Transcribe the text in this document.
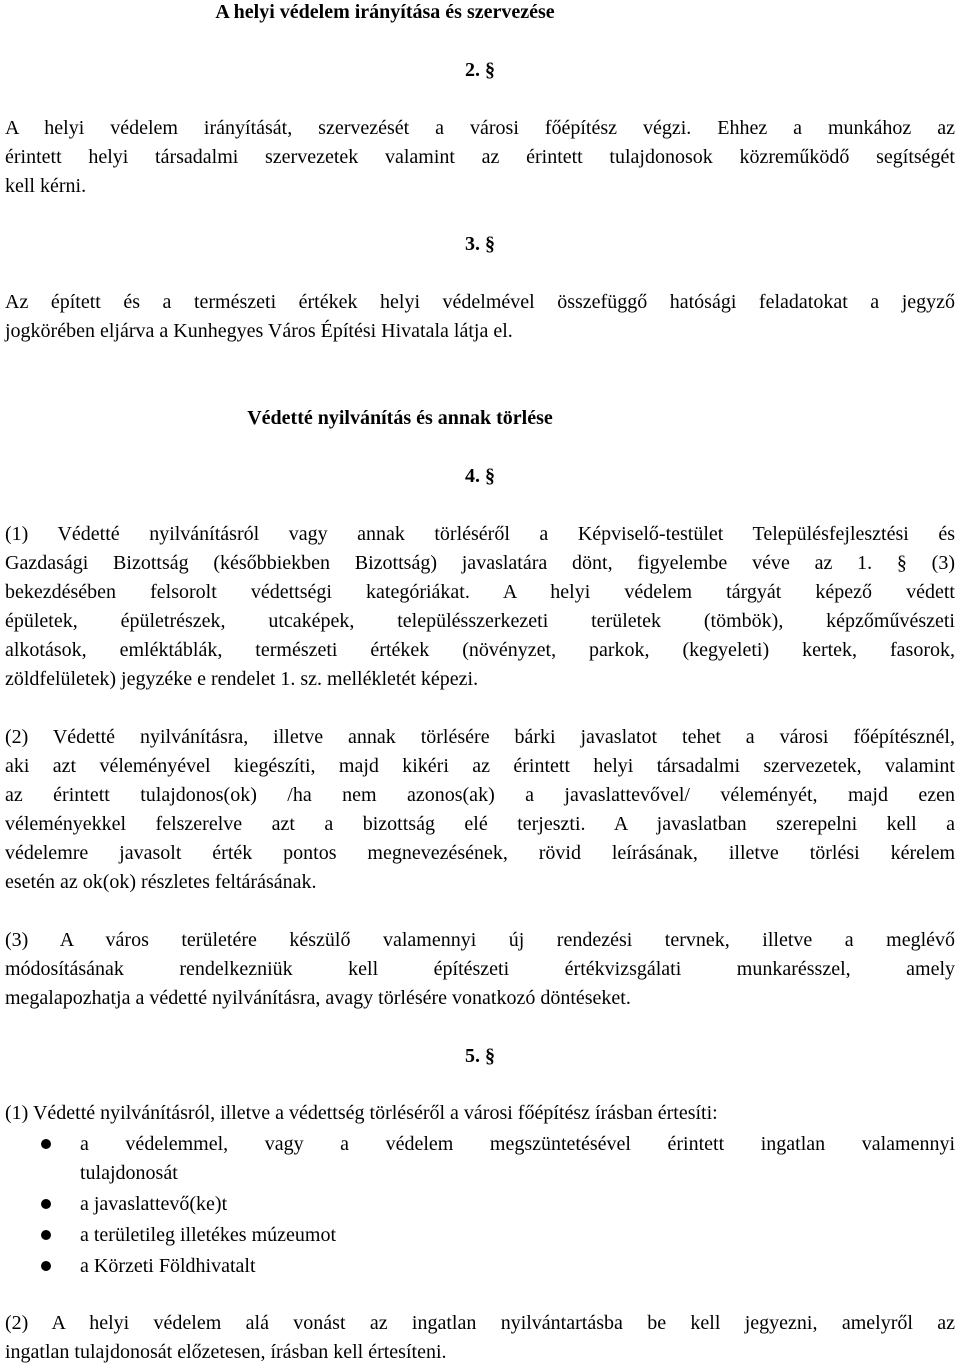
A helyi védelem irányítása és szervezése
2. §
A helyi védelem irányítását, szervezését a városi főépítész végzi. Ehhez a munkához az
érintett helyi társadalmi szervezetek valamint az érintett tulajdonosok közreműködő segítségét
kell kérni.
3. §
Az épített és a természeti értékek helyi védelmével összefüggő hatósági feladatokat a jegyző
jogkörében eljárva a Kunhegyes Város Építési Hivatala látja el.
Védetté nyilvánítás és annak törlése
4. §
(1) Védetté nyilvánításról vagy annak törléséről a Képviselő-testület Településfejlesztési és
Gazdasági Bizottság (későbbiekben Bizottság) javaslatára dönt, figyelembe véve az 1. § (3)
bekezdésében felsorolt védettségi kategóriákat. A helyi védelem tárgyát képező védett
épületek, épületrészek, utcaképek, településszerkezeti területek (tömbök), képzőművészeti
alkotások, emléktáblák, természeti értékek (növényzet, parkok, (kegyeleti) kertek, fasorok,
zöldfelületek) jegyzéke e rendelet 1. sz. mellékletét képezi.
(2) Védetté nyilvánításra, illetve annak törlésére bárki javaslatot tehet a városi főépítésznél,
aki azt véleményével kiegészíti, majd kikéri az érintett helyi társadalmi szervezetek, valamint
az érintett tulajdonos(ok) /ha nem azonos(ak) a javaslattevővel/ véleményét, majd ezen
véleményekkel felszerelve azt a bizottság elé terjeszti. A javaslatban szerepelni kell a
védelemre javasolt érték pontos megnevezésének, rövid leírásának, illetve törlési kérelem
esetén az ok(ok) részletes feltárásának.
(3) A város területére készülő valamennyi új rendezési tervnek, illetve a meglévő
módosításának rendelkezniük kell építészeti értékvizsgálati munkarésszel, amely
megalapozhatja a védetté nyilvánításra, avagy törlésére vonatkozó döntéseket.
5. §
(1) Védetté nyilvánításról, illetve a védettség törléséről a városi főépítész írásban értesíti:
a védelemmel, vagy a védelem megszüntetésével érintett ingatlan valamennyi
tulajdonosát
a javaslattevő(ke)t
a területileg illetékes múzeumot
a Körzeti Földhivatalt
(2) A helyi védelem alá vonást az ingatlan nyilvántartásba be kell jegyezni, amelyről az
ingatlan tulajdonosát előzetesen, írásban kell értesíteni.
